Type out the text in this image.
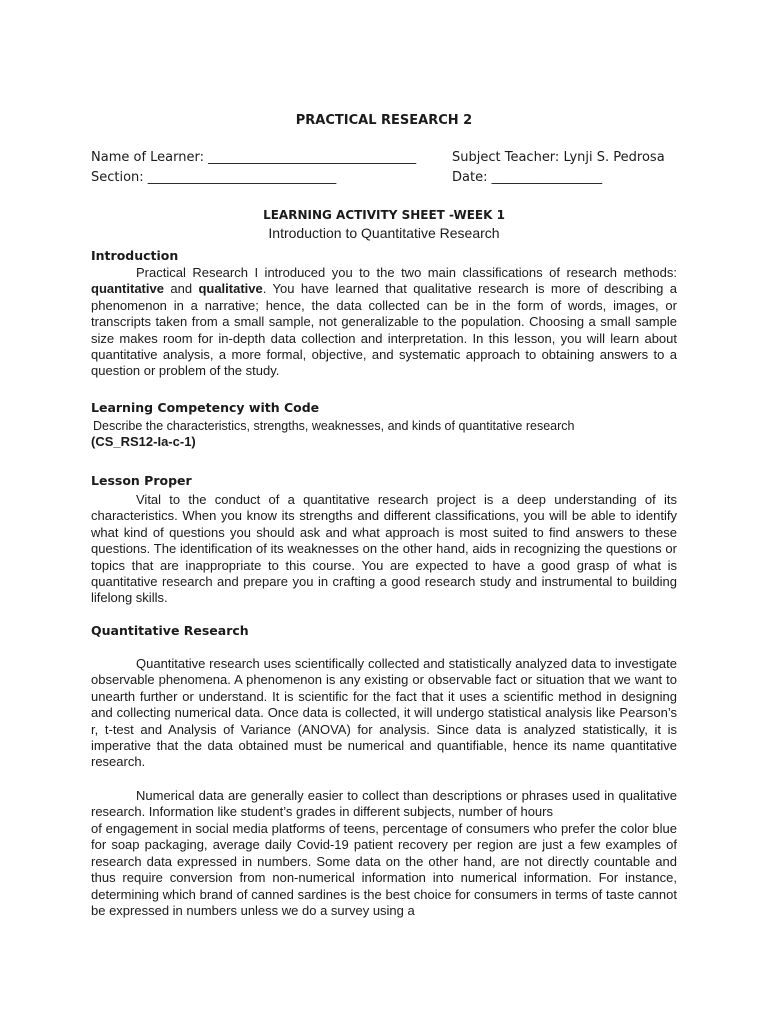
PRACTICAL RESEARCH 2
Name of Learner: ________________________________	Subject Teacher: Lynji S. Pedrosa
Section: _____________________________	Date: _________________
LEARNING ACTIVITY SHEET -WEEK 1
Introduction to Quantitative Research
Introduction
Practical Research I introduced you to the two main classifications of research methods: quantitative and qualitative. You have learned that qualitative research is more of describing a phenomenon in a narrative; hence, the data collected can be in the form of words, images, or transcripts taken from a small sample, not generalizable to the population. Choosing a small sample size makes room for in-depth data collection and interpretation. In this lesson, you will learn about quantitative analysis, a more formal, objective, and systematic approach to obtaining answers to a question or problem of the study.
Learning Competency with Code
Describe the characteristics, strengths, weaknesses, and kinds of quantitative research
(CS_RS12-Ia-c-1)
Lesson Proper
Vital to the conduct of a quantitative research project is a deep understanding of its characteristics. When you know its strengths and different classifications, you will be able to identify what kind of questions you should ask and what approach is most suited to find answers to these questions. The identification of its weaknesses on the other hand, aids in recognizing the questions or topics that are inappropriate to this course. You are expected to have a good grasp of what is quantitative research and prepare you in crafting a good research study and instrumental to building lifelong skills.
Quantitative Research
Quantitative research uses scientifically collected and statistically analyzed data to investigate observable phenomena. A phenomenon is any existing or observable fact or situation that we want to unearth further or understand. It is scientific for the fact that it uses a scientific method in designing and collecting numerical data. Once data is collected, it will undergo statistical analysis like Pearson’s r, t-test and Analysis of Variance (ANOVA) for analysis. Since data is analyzed statistically, it is imperative that the data obtained must be numerical and quantifiable, hence its name quantitative research.
Numerical data are generally easier to collect than descriptions or phrases used in qualitative research. Information like student’s grades in different subjects, number of hours
of engagement in social media platforms of teens, percentage of consumers who prefer the color blue for soap packaging, average daily Covid-19 patient recovery per region are just a few examples of research data expressed in numbers. Some data on the other hand, are not directly countable and thus require conversion from non-numerical information into numerical information. For instance, determining which brand of canned sardines is the best choice for consumers in terms of taste cannot be expressed in numbers unless we do a survey using a
